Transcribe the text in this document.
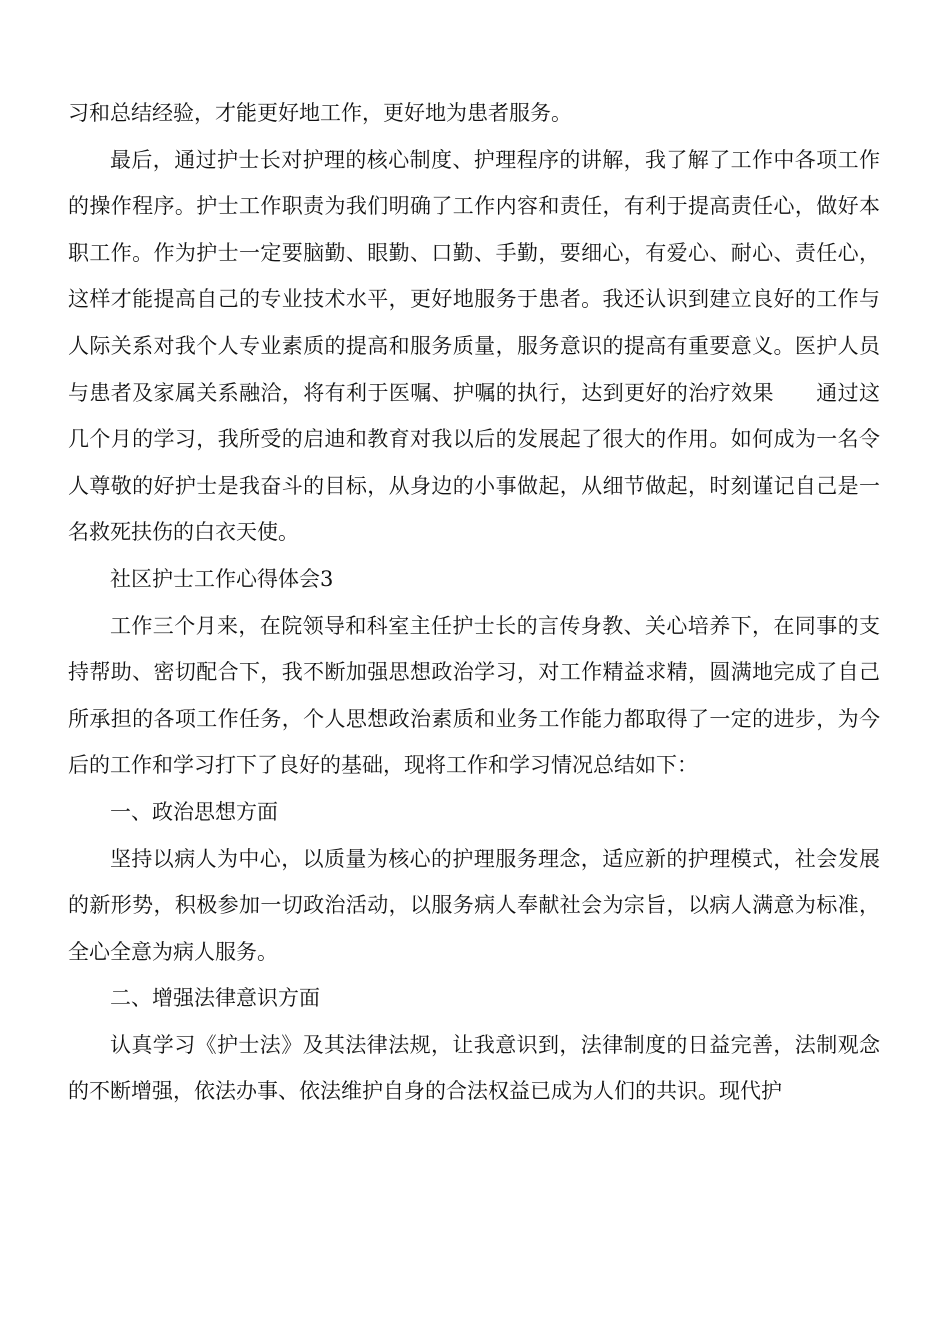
习和总结经验，才能更好地工作，更好地为患者服务。

最后，通过护士长对护理的核心制度、护理程序的讲解，我了解了工作中各项工作的操作程序。护士工作职责为我们明确了工作内容和责任，有利于提高责任心，做好本职工作。作为护士一定要脑勤、眼勤、口勤、手勤，要细心，有爱心、耐心、责任心，这样才能提高自己的专业技术水平，更好地服务于患者。我还认识到建立良好的工作与人际关系对我个人专业素质的提高和服务质量，服务意识的提高有重要意义。医护人员与患者及家属关系融洽，将有利于医嘱、护嘱的执行，达到更好的治疗效果 通过这几个月的学习，我所受的启迪和教育对我以后的发展起了很大的作用。如何成为一名令人尊敬的好护士是我奋斗的目标，从身边的小事做起，从细节做起，时刻谨记自己是一名救死扶伤的白衣天使。

社区护士工作心得体会3

工作三个月来，在院领导和科室主任护士长的言传身教、关心培养下，在同事的支持帮助、密切配合下，我不断加强思想政治学习，对工作精益求精，圆满地完成了自己所承担的各项工作任务，个人思想政治素质和业务工作能力都取得了一定的进步，为今后的工作和学习打下了良好的基础，现将工作和学习情况总结如下：

一、政治思想方面

坚持以病人为中心，以质量为核心的护理服务理念，适应新的护理模式，社会发展的新形势，积极参加一切政治活动，以服务病人奉献社会为宗旨，以病人满意为标准，全心全意为病人服务。

二、增强法律意识方面

认真学习《护士法》及其法律法规，让我意识到，法律制度的日益完善，法制观念的不断增强，依法办事、依法维护自身的合法权益已成为人们的共识。现代护
